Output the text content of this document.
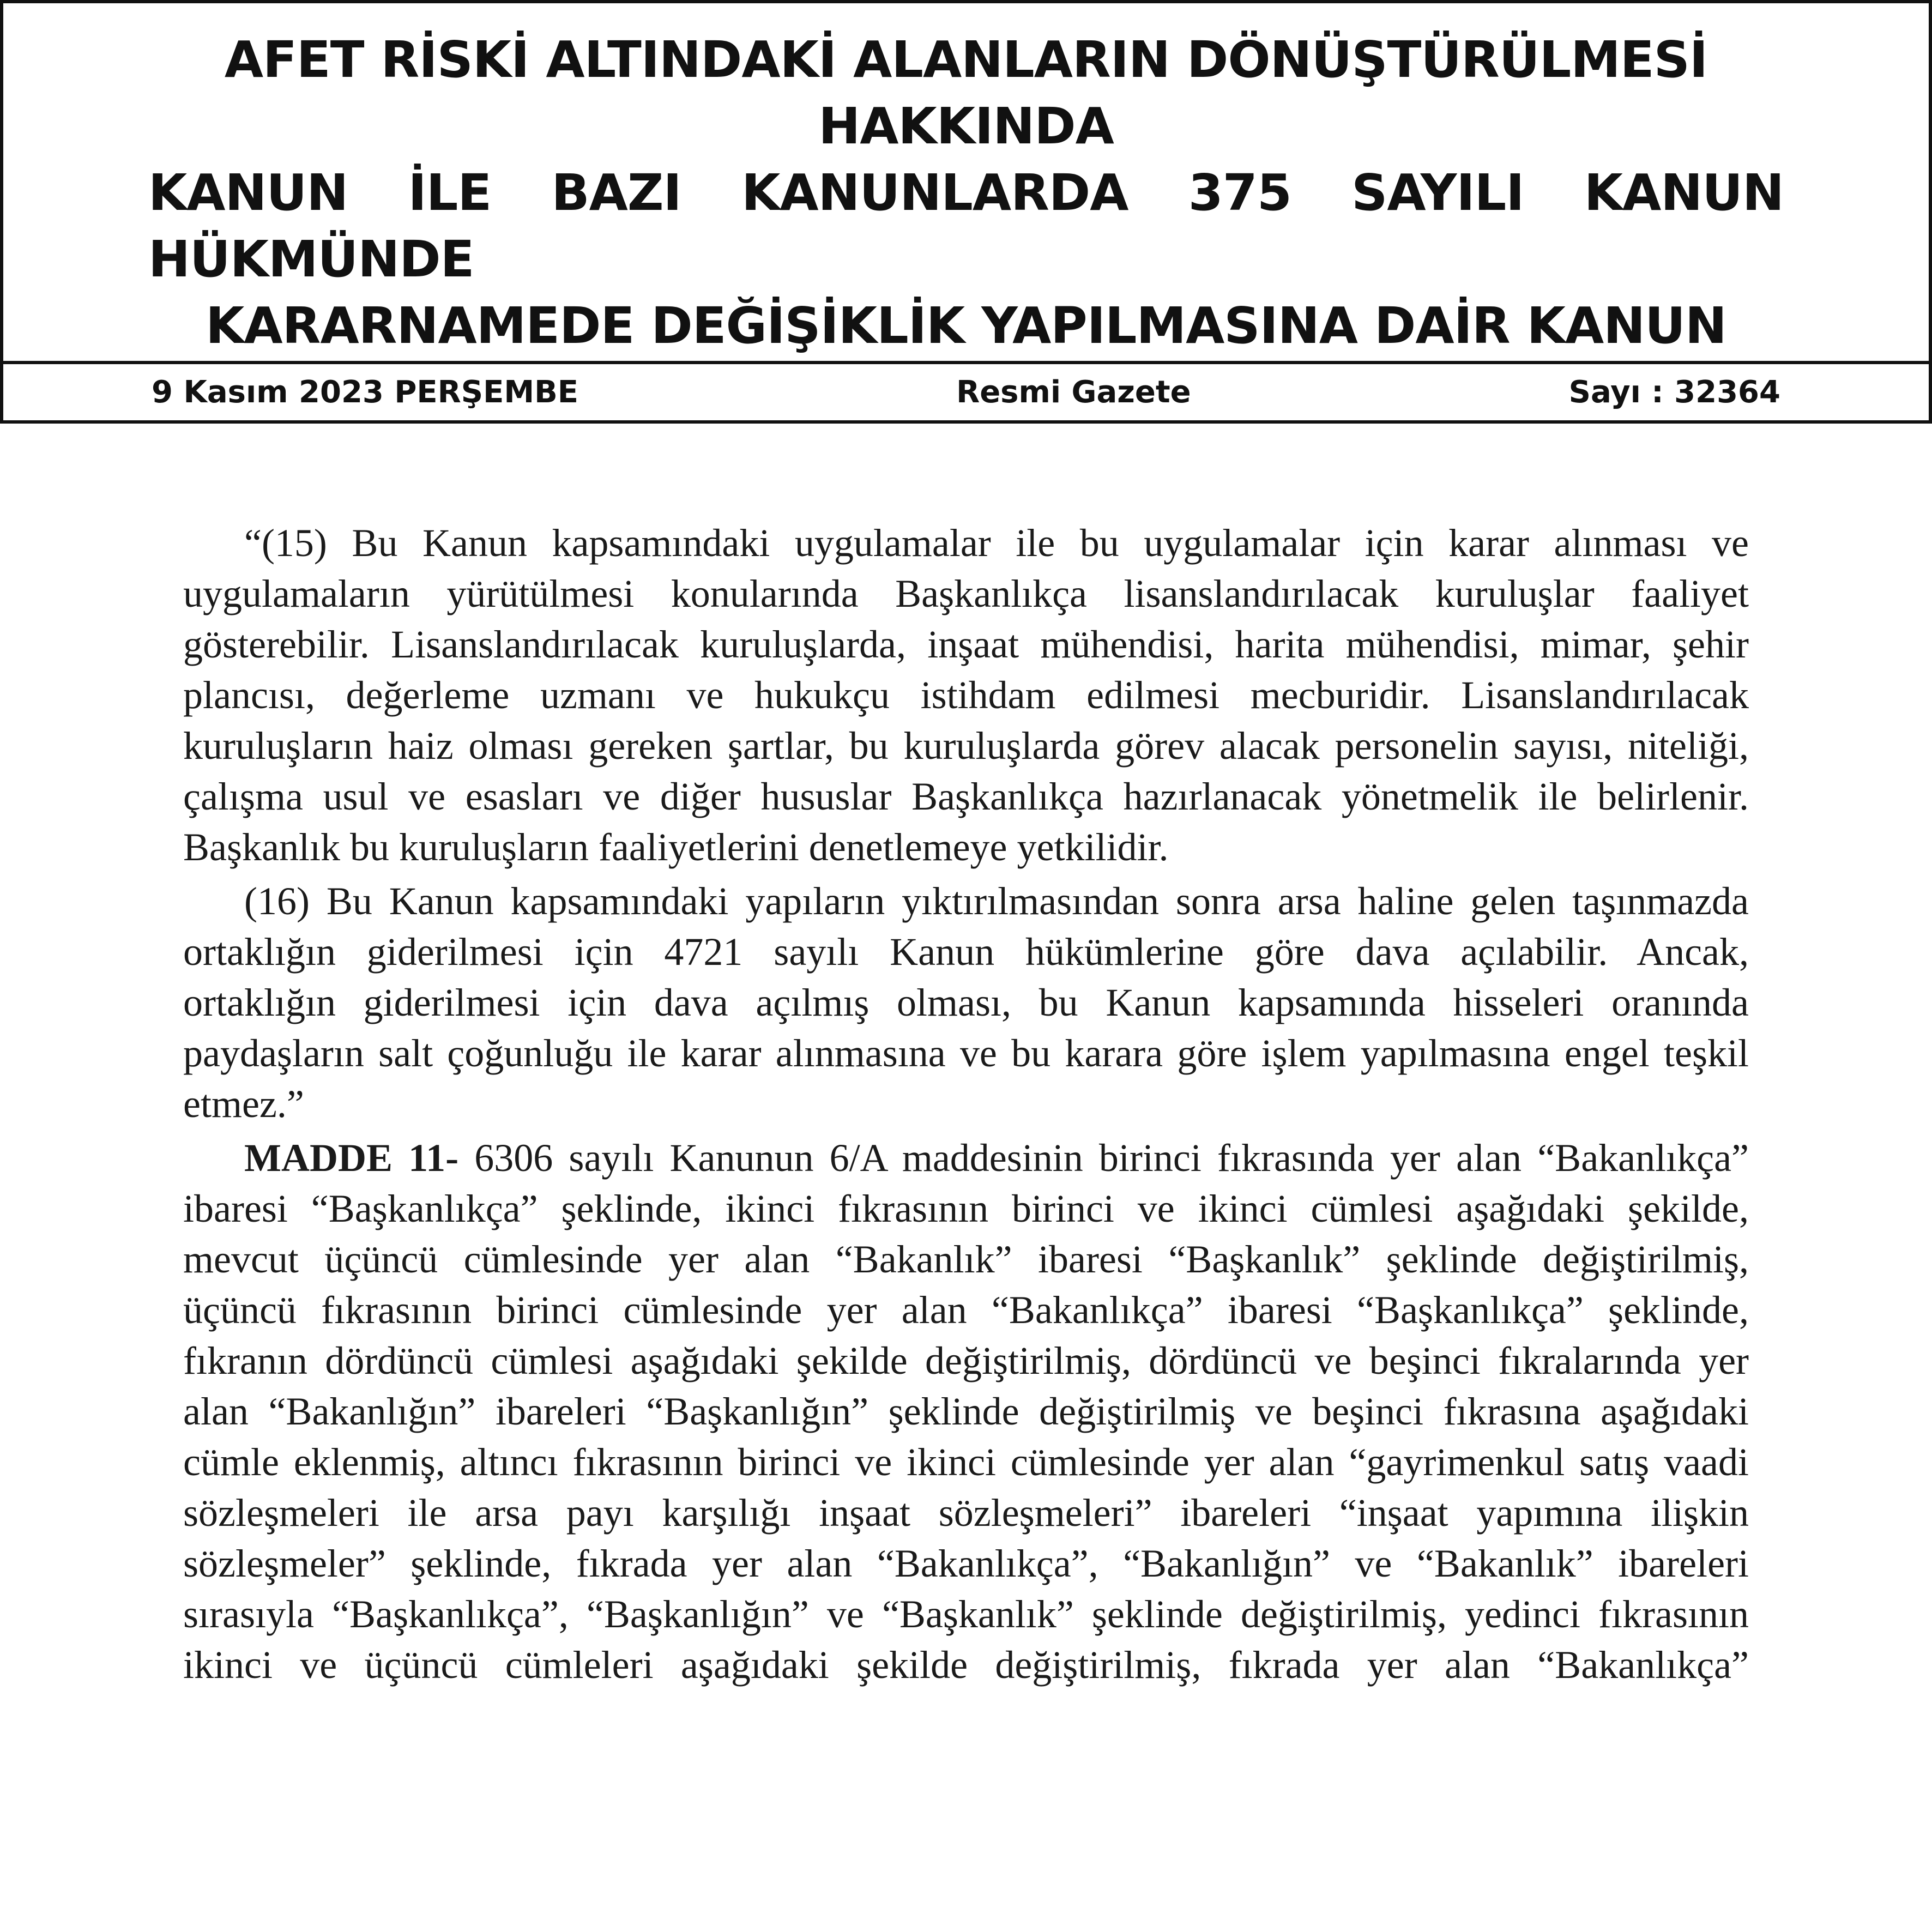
AFET RİSKİ ALTINDAKİ ALANLARIN DÖNÜŞTÜRÜLMESİ HAKKINDA
KANUN İLE BAZI KANUNLARDA 375 SAYILI KANUN HÜKMÜNDE
KARARNAMEDE DEĞİŞİKLİK YAPILMASINA DAİR KANUN
9 Kasım 2023 PERŞEMBE	Resmi Gazete	Sayı : 32364

“(15) Bu Kanun kapsamındaki uygulamalar ile bu uygulamalar için karar alınması ve
uygulamaların yürütülmesi konularında Başkanlıkça lisanslandırılacak kuruluşlar faaliyet
gösterebilir. Lisanslandırılacak kuruluşlarda, inşaat mühendisi, harita mühendisi, mimar, şehir
plancısı, değerleme uzmanı ve hukukçu istihdam edilmesi mecburidir. Lisanslandırılacak
kuruluşların haiz olması gereken şartlar, bu kuruluşlarda görev alacak personelin sayısı, niteliği,
çalışma usul ve esasları ve diğer hususlar Başkanlıkça hazırlanacak yönetmelik ile belirlenir.
Başkanlık bu kuruluşların faaliyetlerini denetlemeye yetkilidir.

(16) Bu Kanun kapsamındaki yapıların yıktırılmasından sonra arsa haline gelen taşınmazda
ortaklığın giderilmesi için 4721 sayılı Kanun hükümlerine göre dava açılabilir. Ancak,
ortaklığın giderilmesi için dava açılmış olması, bu Kanun kapsamında hisseleri oranında
paydaşların salt çoğunluğu ile karar alınmasına ve bu karara göre işlem yapılmasına engel teşkil
etmez.”

MADDE 11- 6306 sayılı Kanunun 6/A maddesinin birinci fıkrasında yer alan “Bakanlıkça”
ibaresi “Başkanlıkça” şeklinde, ikinci fıkrasının birinci ve ikinci cümlesi aşağıdaki şekilde,
mevcut üçüncü cümlesinde yer alan “Bakanlık” ibaresi “Başkanlık” şeklinde değiştirilmiş,
üçüncü fıkrasının birinci cümlesinde yer alan “Bakanlıkça” ibaresi “Başkanlıkça” şeklinde,
fıkranın dördüncü cümlesi aşağıdaki şekilde değiştirilmiş, dördüncü ve beşinci fıkralarında yer
alan “Bakanlığın” ibareleri “Başkanlığın” şeklinde değiştirilmiş ve beşinci fıkrasına aşağıdaki
cümle eklenmiş, altıncı fıkrasının birinci ve ikinci cümlesinde yer alan “gayrimenkul satış vaadi
sözleşmeleri ile arsa payı karşılığı inşaat sözleşmeleri” ibareleri “inşaat yapımına ilişkin
sözleşmeler” şeklinde, fıkrada yer alan “Bakanlıkça”, “Bakanlığın” ve “Bakanlık” ibareleri
sırasıyla “Başkanlıkça”, “Başkanlığın” ve “Başkanlık” şeklinde değiştirilmiş, yedinci fıkrasının
ikinci ve üçüncü cümleleri aşağıdaki şekilde değiştirilmiş, fıkrada yer alan “Bakanlıkça”
